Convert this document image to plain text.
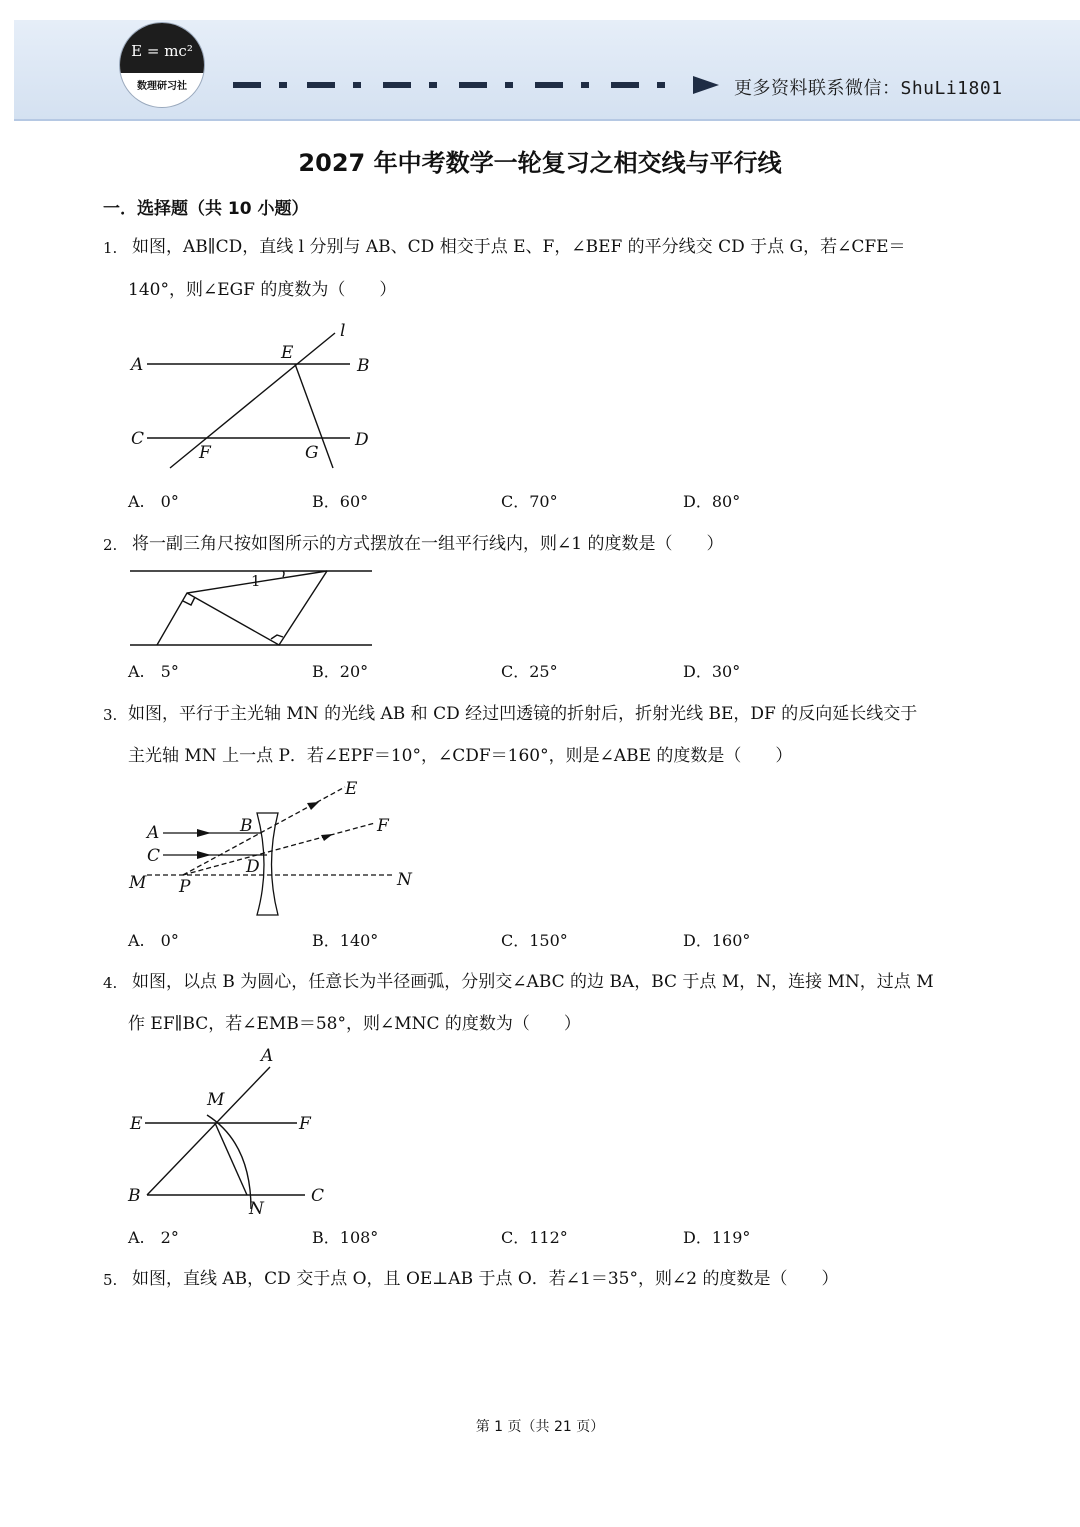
E = mc²
数理研习社	更多资料联系微信：ShuLi1801
2027 年中考数学一轮复习之相交线与平行线
一．选择题（共 10 小题）
1. 如图，AB∥CD，直线 l 分别与 AB、CD 相交于点 E、F，∠BEF 的平分线交 CD 于点 G，若∠CFE＝
140°，则∠EGF 的度数为（　　）
A	B
C	D
E
F	G
l
A.　0°	B．60°	C．70°	D．80°
2. 将一副三角尺按如图所示的方式摆放在一组平行线内，则∠1 的度数是（　　）
1
A.　5°	B．20°	C．25°	D．30°
3. 如图，平行于主光轴 MN 的光线 AB 和 CD 经过凹透镜的折射后，折射光线 BE，DF 的反向延长线交于
主光轴 MN 上一点 P．若∠EPF＝10°，∠CDF＝160°，则是∠ABE 的度数是（　　）
A	B
C
D
E
F
M	N
P
A.　0°	B．140°	C．150°	D．160°
4. 如图，以点 B 为圆心，任意长为半径画弧，分别交∠ABC 的边 BA，BC 于点 M，N，连接 MN，过点 M
作 EF∥BC，若∠EMB＝58°，则∠MNC 的度数为（　　）
A
B	C
E	F
M
N
A.　2°	B．108°	C．112°	D．119°
5. 如图，直线 AB，CD 交于点 O，且 OE⊥AB 于点 O．若∠1＝35°，则∠2 的度数是（　　）
第 1 页（共 21 页）
